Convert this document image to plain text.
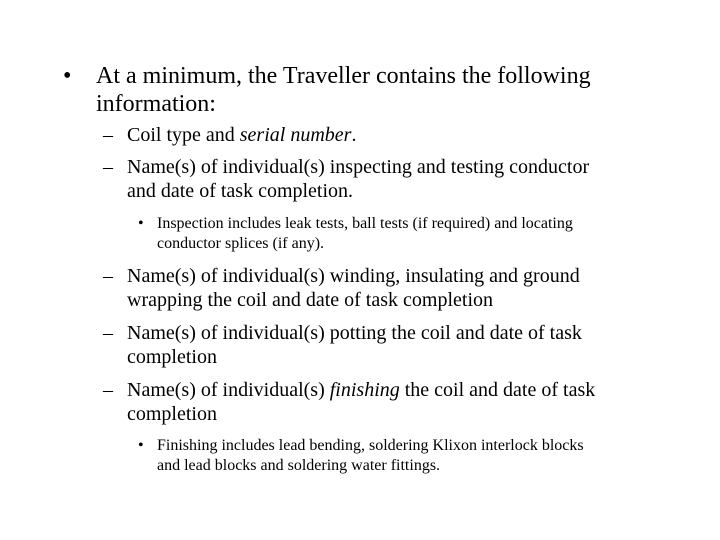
• At a minimum, the Traveller contains the following
information:
– Coil type and serial number.
– Name(s) of individual(s) inspecting and testing conductor
and date of task completion.
• Inspection includes leak tests, ball tests (if required) and locating
conductor splices (if any).
– Name(s) of individual(s) winding, insulating and ground
wrapping the coil and date of task completion
– Name(s) of individual(s) potting the coil and date of task
completion
– Name(s) of individual(s) finishing the coil and date of task
completion
• Finishing includes lead bending, soldering Klixon interlock blocks
and lead blocks and soldering water fittings.
